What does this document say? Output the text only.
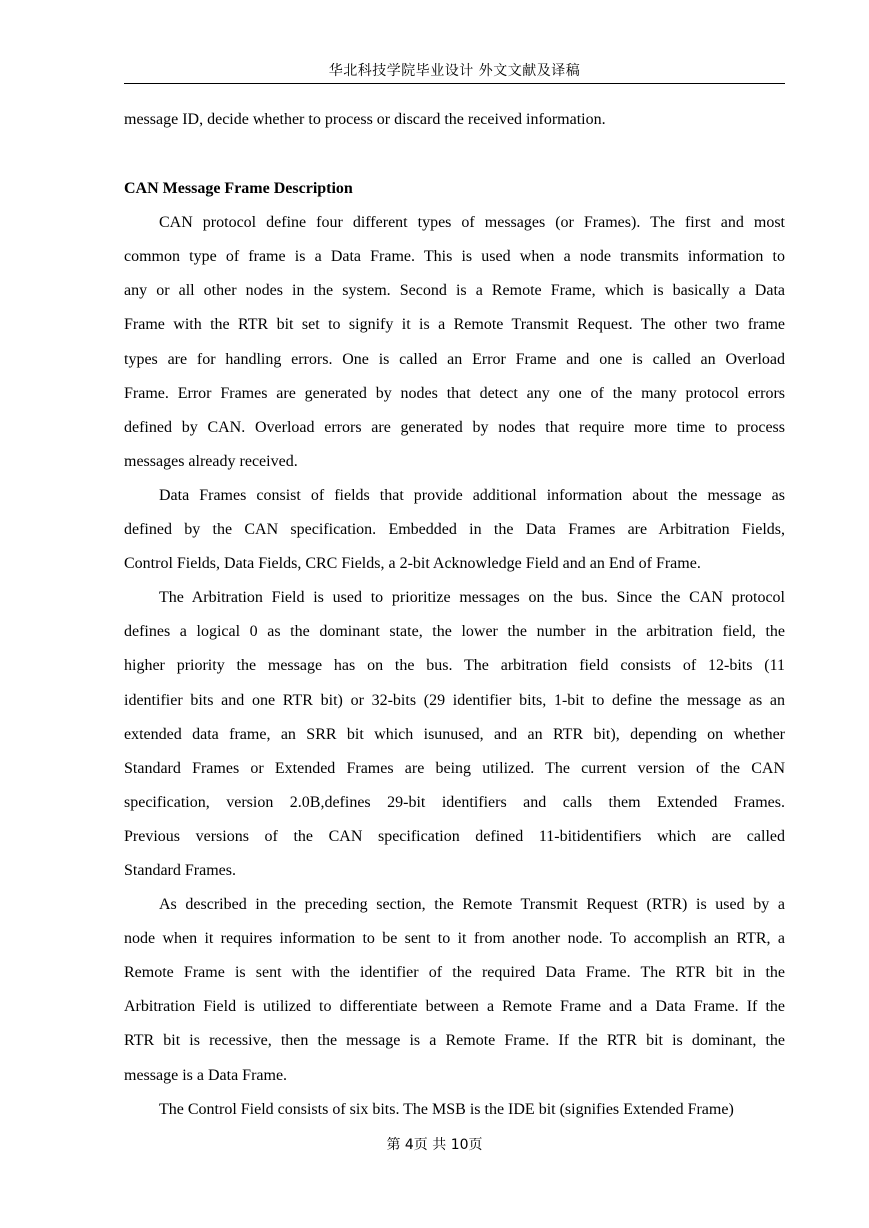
华北科技学院毕业设计 外文文献及译稿
message ID, decide whether to process or discard the received information.
CAN Message Frame Description
CAN protocol define four different types of messages (or Frames). The first and most
common type of frame is a Data Frame. This is used when a node transmits information to
any or all other nodes in the system. Second is a Remote Frame, which is basically a Data
Frame with the RTR bit set to signify it is a Remote Transmit Request. The other two frame
types are for handling errors. One is called an Error Frame and one is called an Overload
Frame. Error Frames are generated by nodes that detect any one of the many protocol errors
defined by CAN. Overload errors are generated by nodes that require more time to process
messages already received.
Data Frames consist of fields that provide additional information about the message as
defined by the CAN specification. Embedded in the Data Frames are Arbitration Fields,
Control Fields, Data Fields, CRC Fields, a 2-bit Acknowledge Field and an End of Frame.
The Arbitration Field is used to prioritize messages on the bus. Since the CAN protocol
defines a logical 0 as the dominant state, the lower the number in the arbitration field, the
higher priority the message has on the bus. The arbitration field consists of 12-bits (11
identifier bits and one RTR bit) or 32-bits (29 identifier bits, 1-bit to define the message as an
extended data frame, an SRR bit which isunused, and an RTR bit), depending on whether
Standard Frames or Extended Frames are being utilized. The current version of the CAN
specification, version 2.0B,defines 29-bit identifiers and calls them Extended Frames.
Previous versions of the CAN specification defined 11-bitidentifiers which are called
Standard Frames.
As described in the preceding section, the Remote Transmit Request (RTR) is used by a
node when it requires information to be sent to it from another node. To accomplish an RTR, a
Remote Frame is sent with the identifier of the required Data Frame. The RTR bit in the
Arbitration Field is utilized to differentiate between a Remote Frame and a Data Frame. If the
RTR bit is recessive, then the message is a Remote Frame. If the RTR bit is dominant, the
message is a Data Frame.
The Control Field consists of six bits. The MSB is the IDE bit (signifies Extended Frame)
第 4页 共 10页
